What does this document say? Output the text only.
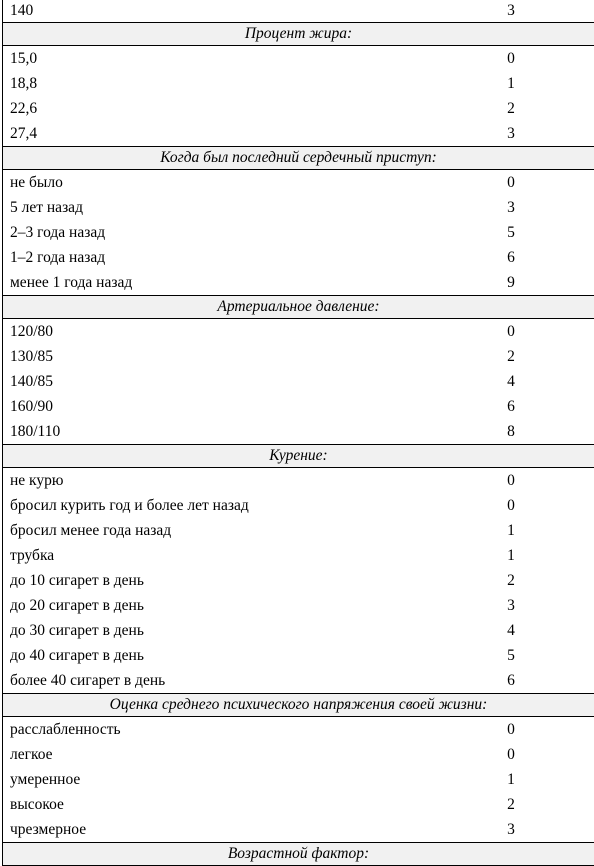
140	3
Процент жира:
15,0	0
18,8	1
22,6	2
27,4	3
Когда был последний сердечный приступ:
не было	0
5 лет назад	3
2–3 года назад	5
1–2 года назад	6
менее 1 года назад	9
Артериальное давление:
120/80	0
130/85	2
140/85	4
160/90	6
180/110	8
Курение:
не курю	0
бросил курить год и более лет назад	0
бросил менее года назад	1
трубка	1
до 10 сигарет в день	2
до 20 сигарет в день	3
до 30 сигарет в день	4
до 40 сигарет в день	5
более 40 сигарет в день	6
Оценка среднего психического напряжения своей жизни:
расслабленность	0
легкое	0
умеренное	1
высокое	2
чрезмерное	3
Возрастной фактор:
